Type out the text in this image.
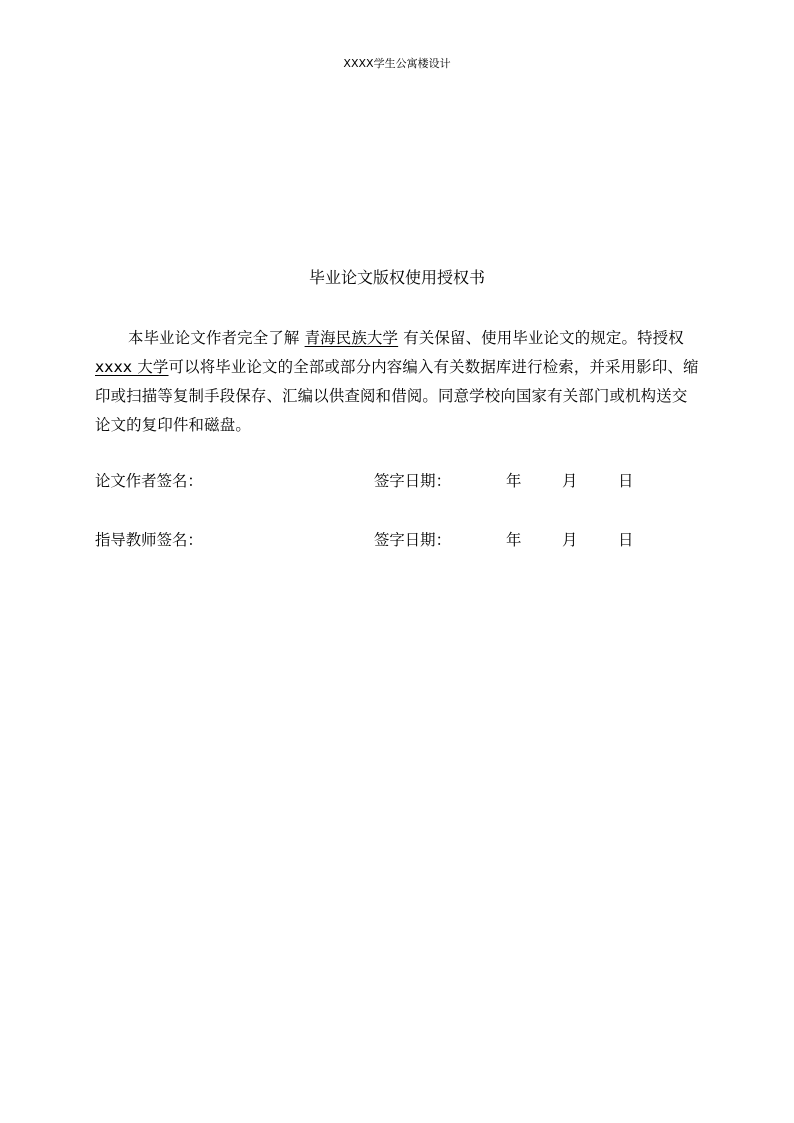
XXXX学生公寓楼设计
毕业论文版权使用授权书
本毕业论文作者完全了解 青海民族大学 有关保留、使用毕业论文的规定。特授权 xxxx 大学可以将毕业论文的全部或部分内容编入有关数据库进行检索，并采用影印、缩印或扫描等复制手段保存、汇编以供查阅和借阅。同意学校向国家有关部门或机构送交论文的复印件和磁盘。
论文作者签名：	签字日期：	年	月	日
指导教师签名：	签字日期：	年	月	日
